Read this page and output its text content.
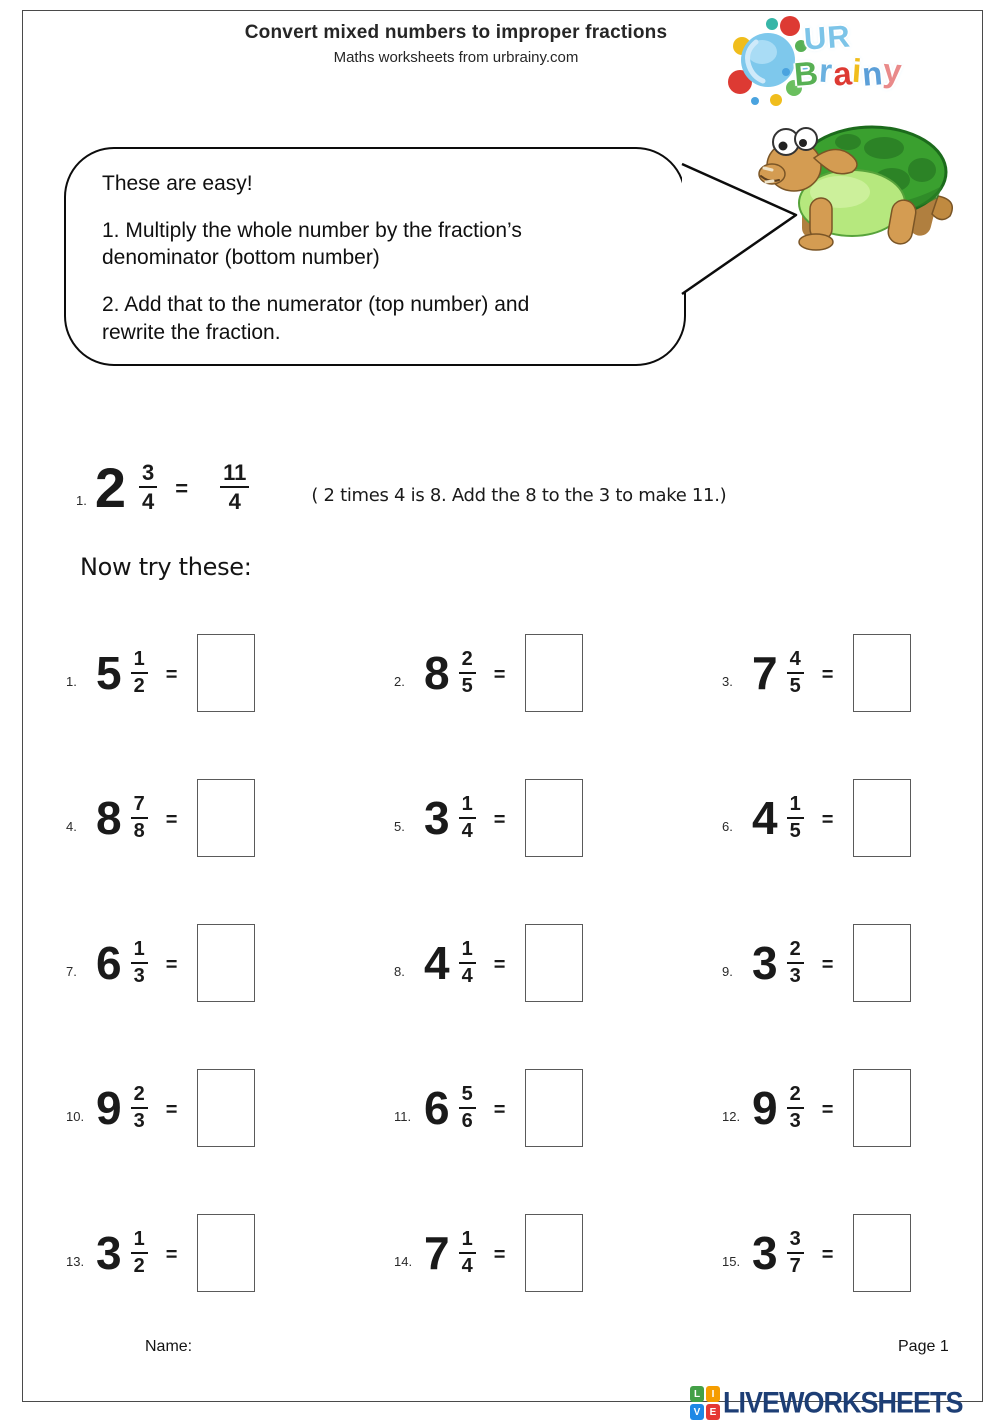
Convert mixed numbers to improper fractions
Maths worksheets from urbrainy.com
UR
Brainy

These are easy!

1. Multiply the whole number by the fraction’s denominator (bottom number)

2. Add that to the numerator (top number) and rewrite the fraction.

1. $2 \frac{3}{4} = \frac{11}{4}$	( 2 times 4 is 8. Add the 8 to the 3 to make 11.)
Now try these:
1. $5 \frac{1}{2}$ =	2. $8 \frac{2}{5}$ =	3. $7 \frac{4}{5}$ =
4. $8 \frac{7}{8}$ =	5. $3 \frac{1}{4}$ =	6. $4 \frac{1}{5}$ =
7. $6 \frac{1}{3}$ =	8. $4 \frac{1}{4}$ =	9. $3 \frac{2}{3}$ =
10. $9 \frac{2}{3}$ =	11. $6 \frac{5}{6}$ =	12. $9 \frac{2}{3}$ =
13. $3 \frac{1}{2}$ =	14. $7 \frac{1}{4}$ =	15. $3 \frac{3}{7}$ =
Name:	Page 1
L	I
V E LIVEWORKSHEETS
